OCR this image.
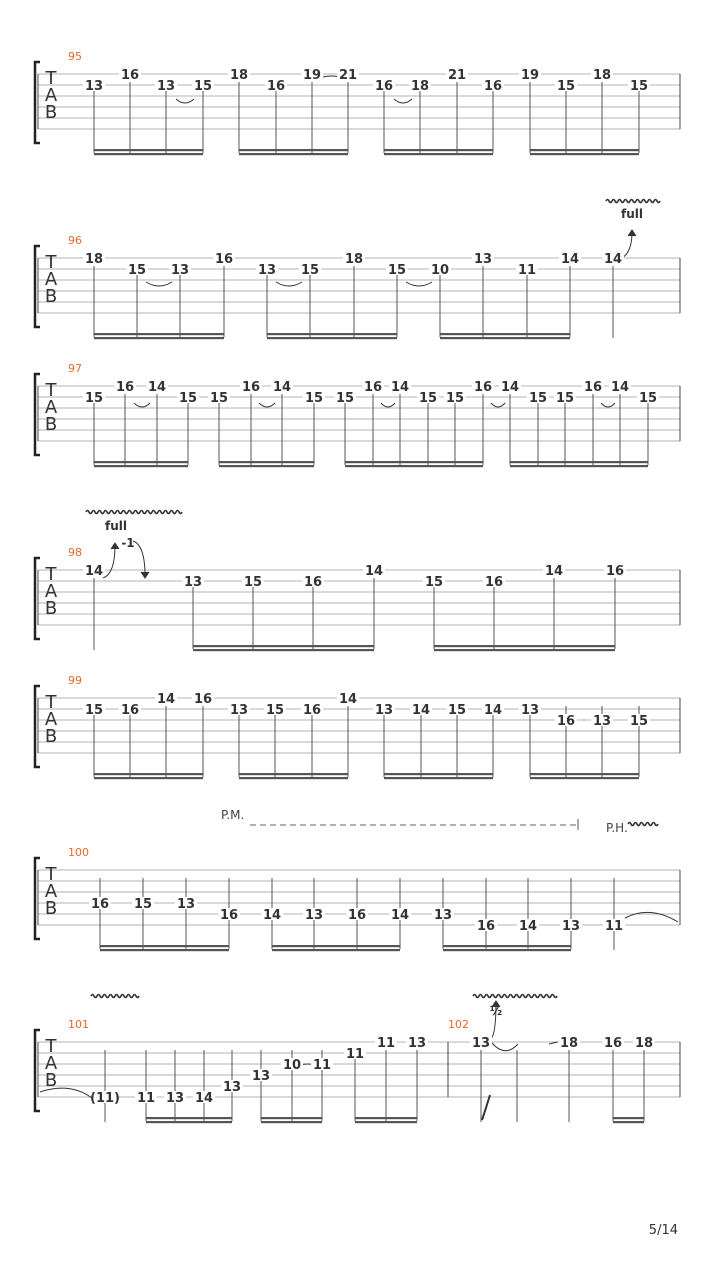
T
A
B
95
13
16
13 15
18
16
19 21
16 18
21
16
19
15
18
15
T
A
B
96
18
15 13
16
13 15
18
15 10
13
11
14 14
T
A
B
97
15
16 14
15 15
16 14
15 15
16 14
15 15
16 14
15 15
16 14
15
T
A
B
98
14
13	15	16
14
15	16
14	16
T
A
B
99
15 16
14 16
13 15 16
14
13 14 15 14 13
16 13 15
T
A
B
100
16 15 13
16 14 13 16 14 13
16 14 13 11
T
A
B
101
(11) 11 13 14
13
13
10 11
11
11 13
102
13	18 16 18
full
full
-1
P.M.
P.H.
½
5/14
